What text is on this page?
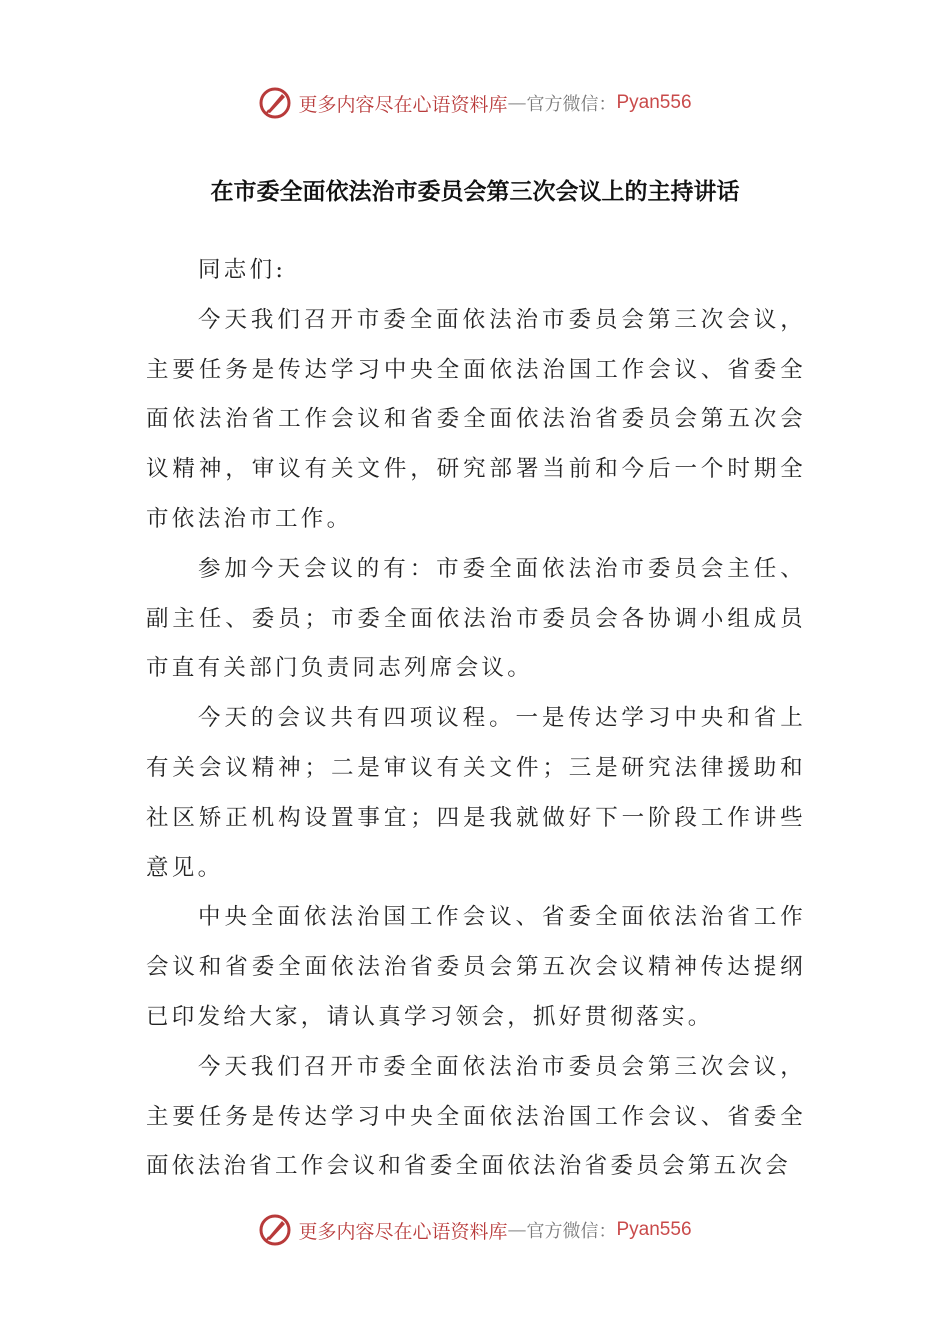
更多内容尽在心语资料库 — 官方微信： Pyan556
在市委全面依法治市委员会第三次会议上的主持讲话

同志们:

今天我们召开市委全面依法治市委员会第三次会议，主要任务是传达学习中央全面依法治国工作会议、省委全面依法治省工作会议和省委全面依法治省委员会第五次会议精神，审议有关文件，研究部署当前和今后一个时期全市依法治市工作。

参加今天会议的有：市委全面依法治市委员会主任、副主任、委员；市委全面依法治市委员会各协调小组成员市直有关部门负责同志列席会议。

今天的会议共有四项议程。一是传达学习中央和省上有关会议精神；二是审议有关文件；三是研究法律援助和社区矫正机构设置事宜；四是我就做好下一阶段工作讲些意见。

中央全面依法治国工作会议、省委全面依法治省工作会议和省委全面依法治省委员会第五次会议精神传达提纲已印发给大家，请认真学习领会，抓好贯彻落实。

今天我们召开市委全面依法治市委员会第三次会议，主要任务是传达学习中央全面依法治国工作会议、省委全面依法治省工作会议和省委全面依法治省委员会第五次会

更多内容尽在心语资料库 — 官方微信： Pyan556
